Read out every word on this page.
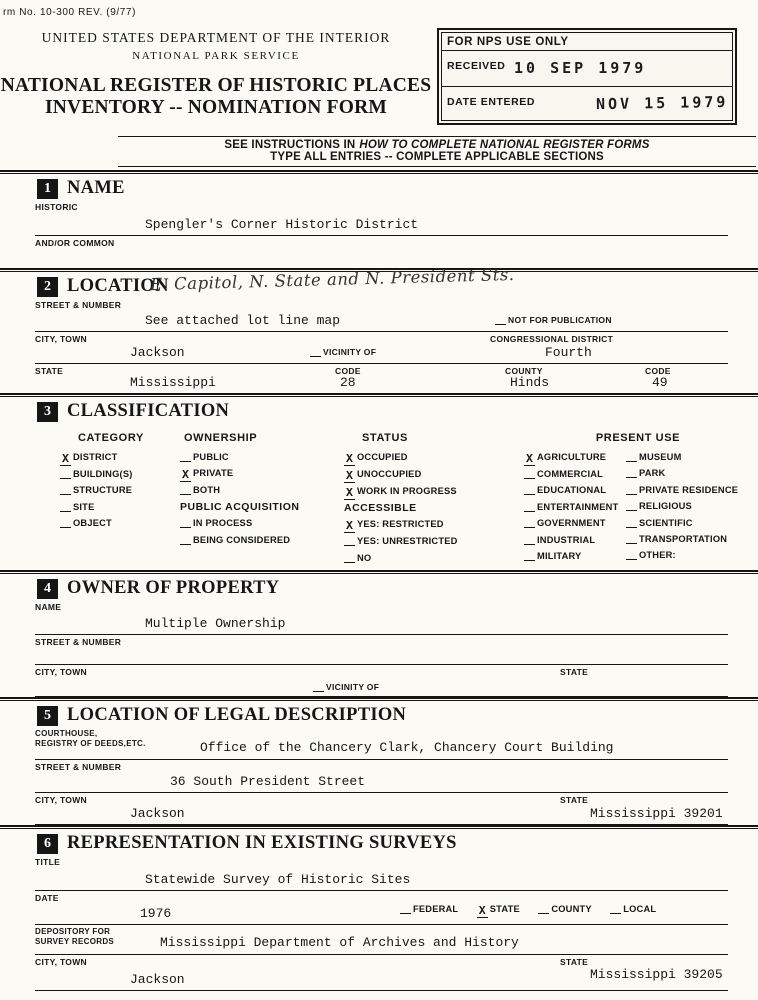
rm No. 10-300 REV. (9/77)
UNITED STATES DEPARTMENT OF THE INTERIOR
NATIONAL PARK SERVICE
NATIONAL REGISTER OF HISTORIC PLACES
INVENTORY -- NOMINATION FORM
FOR NPS USE ONLY
RECEIVED 10 SEP 1979
DATE ENTERED	NOV 15 1979
SEE INSTRUCTIONS IN HOW TO COMPLETE NATIONAL REGISTER FORMS
TYPE ALL ENTRIES -- COMPLETE APPLICABLE SECTIONS
1 NAME
HISTORIC
Spengler's Corner Historic District
AND/OR COMMON
2 LOCATION
E. Capitol, N. State and N. President Sts.
STREET & NUMBER
See attached lot line map	NOT FOR PUBLICATION
CITY, TOWN	CONGRESSIONAL DISTRICT
Jackson	VICINITY OF	Fourth
STATE	CODE	COUNTY	CODE
Mississippi	28	Hinds	49
3 CLASSIFICATION
CATEGORY
X DISTRICT
BUILDING(S)
STRUCTURE
SITE
OBJECT
OWNERSHIP
PUBLIC
X PRIVATE
BOTH
PUBLIC ACQUISITION
IN PROCESS
BEING CONSIDERED
STATUS
X OCCUPIED
X UNOCCUPIED
X WORK IN PROGRESS
ACCESSIBLE
X YES: RESTRICTED
YES: UNRESTRICTED
NO
PRESENT USE
X AGRICULTURE
COMMERCIAL
EDUCATIONAL
ENTERTAINMENT
GOVERNMENT
INDUSTRIAL
MILITARY
MUSEUM
PARK
PRIVATE RESIDENCE
RELIGIOUS
SCIENTIFIC
TRANSPORTATION
OTHER:
4 OWNER OF PROPERTY
NAME
Multiple Ownership
STREET & NUMBER
CITY, TOWN	STATE
VICINITY OF
5 LOCATION OF LEGAL DESCRIPTION
COURTHOUSE,
REGISTRY OF DEEDS,ETC.	Office of the Chancery Clark, Chancery Court Building
STREET & NUMBER
36 South President Street
CITY, TOWN	STATE
Jackson	Mississippi 39201
6 REPRESENTATION IN EXISTING SURVEYS
TITLE
Statewide Survey of Historic Sites
DATE
1976	FEDERAL X STATE	COUNTY	LOCAL
DEPOSITORY FOR
SURVEY RECORDS	Mississippi Department of Archives and History
CITY, TOWN	STATE
Jackson	Mississippi 39205
